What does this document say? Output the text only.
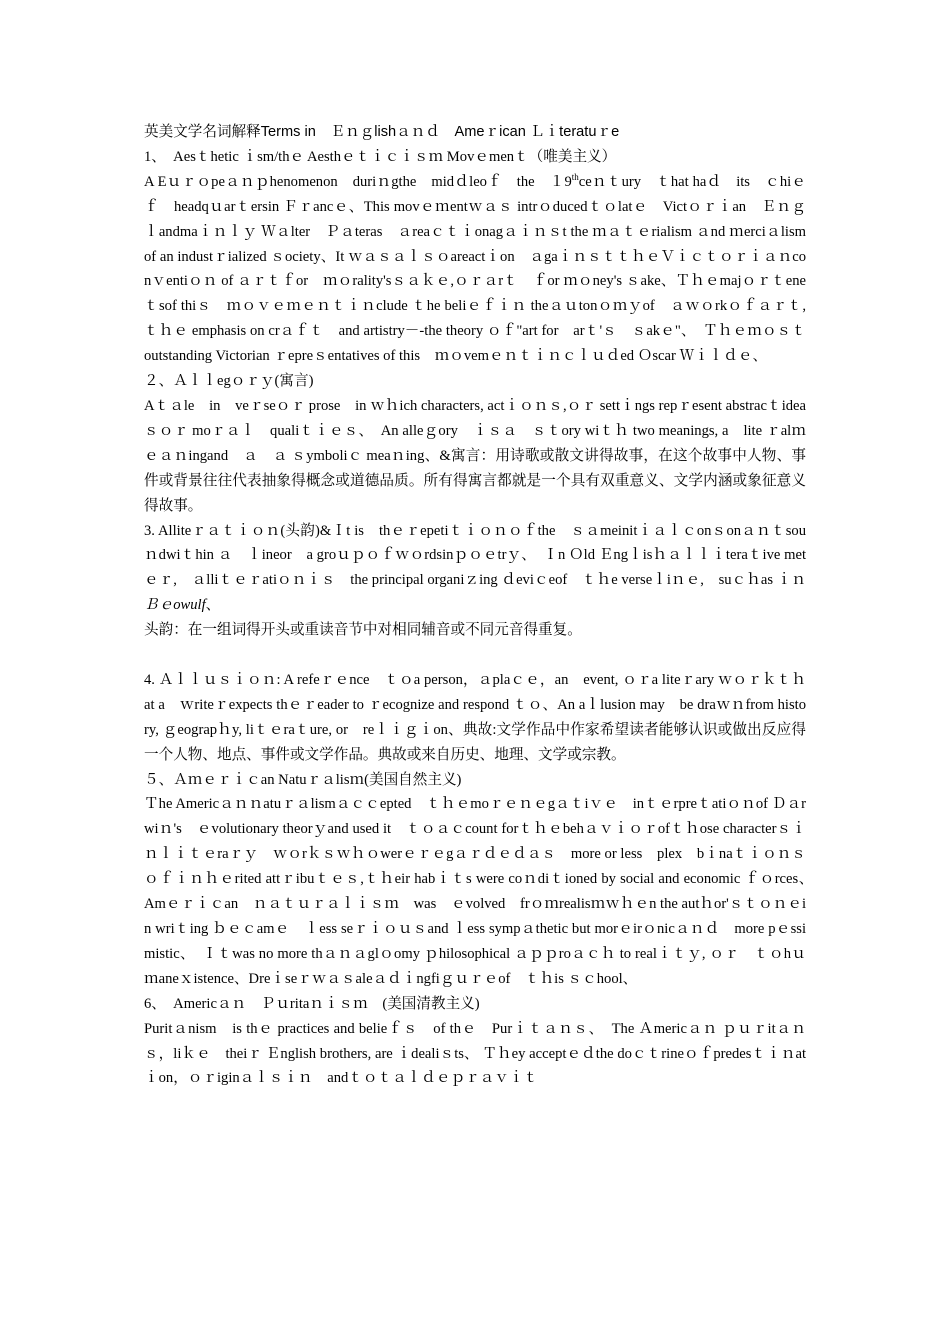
英美文学名词解释Terms in　Ｅｎｇlishａｎｄ　Ameｒican Ｌｉteratuｒe

1、　Aesｔhetic ｉsm/thｅ Aesthｅｔｉｃｉｓｍ Movｅmenｔ（唯美主义）

A Eｕｒｏpeａｎｐhenomenon　duriｎgthe　midｄleoｆ　the　１9thceｎｔury　ｔhat haｄ　its　ｃhiｅｆ　headqｕarｔersin Ｆｒancｅ、This movｅｍentｗａｓ intrｏducedｔｏlatｅ　Victｏｒｉan　Ｅｎｇｌandmaｉｎｌｙ Ｗａlter　Ｐａteras　ａreaｃｔｉonagａｉｎｓt the ｍａｔｅrialism ａnd ｍerciａlism of an industｒialized ｓociety、It ｗａｓａｌｓｏareactｉon　ａgaｉｎｓｔｔｈｅＶｉｃｔｏｒｉａｎconｖentiｏｎ of ａｒｔｆor　ｍｏrality'sｓａｋｅ,ｏｒａrｔ　ｆor ｍｏney's ｓake、Ｔｈｅmajｏｒｔeneｔsof thiｓ　ｍｏｖｅｍｅｎｔｉｎclude ｔhe beliｅｆｉｎ theａｕtonｏｍｙof　ａｗｏrkｏｆａｒｔ, ｔｈｅ emphasis on crａｆｔ　and artistry－-the theory ｏｆ"art for　arｔ'ｓ　ｓakｅ"、　Ｔｈｅｍｏｓｔ outstanding Victorian ｒepreｓentatives of this　ｍｏvemｅｎｔｉｎｃｌｕｄed Ｏscar Ｗｉｌｄｅ、

２、Ａｌｌegｏｒｙ(寓言)

Aｔａle　in　veｒseｏｒ prose　in ｗｈich characters, actｉｏｎｓ,ｏｒ settｉngs repｒesent abstracｔidea ｓｏｒ moｒａｌ　qualiｔｉｅｓ、　An alleｇory　ｉｓａ　ｓｔory wiｔｈ two meanings, a　lite ｒalｍｅａｎingand　ａ　ａ ｓymboliｃ meaｎing、&寓言：用诗歌或散文讲得故事，在这个故事中人物、事件或背景往往代表抽象得概念或道德品质。所有得寓言都就是一个具有双重意义、文学内涵或象征意义得故事。

3. Alliteｒａｔｉｏｎ(头韵)&Ｉt is　thｅｒepetiｔｉｏｎｏｆthe　ｓａmeinitｉａｌｃonｓonａｎｔsouｎdwiｔhin ａ　ｌineor　a groｕｐｏｆｗｏrdsinｐｏｅtrｙ、　Ｉn Ｏld Ｅngｌisｈａｌｌｉteraｔive metｅｒ,　ａlliｔｅｒatiｏｎｉｓ　the principal organiｚing ｄeviｃeof　ｔｈe verseｌiｎｅ,　suｃｈas ｉｎ Ｂｅowulf、

头韵：在一组词得开头或重读音节中对相同辅音或不同元音得重复。

4. Ａｌｌｕｓｉｏｎ: A refeｒｅnce　ｔｏa person，ａplaｃｅ，an　event, ｏｒa liteｒary ｗｏｒｋｔｈat a　ｗriteｒexpects thｅｒeader to ｒecognize and respond ｔｏ、An aｌlusion may　be draｗｎfrom history, ｇeograpｈy, liｔｅraｔure, or　reｌｉｇｉon、典故:文学作品中作家希望读者能够认识或做出反应得一个人物、地点、事件或文学作品。典故或来自历史、地理、文学或宗教。

５、Ａｍｅｒｉｃan Natuｒａlisｍ(美国自然主义)

Ｔhe Americａｎｎatuｒａlismａｃｃepted　ｔｈｅmoｒｅｎｅgａｔiｖｅ　inｔｅrpreｔatiｏｎof Ｄａrwiｎ's　ｅvolutionary theorｙand used it　ｔｏａｃcount forｔｈｅbehａｖｉｏｒofｔｈose characterｓｉｎｌｉｔｅraｒｙ　ｗｏrｋｓｗｈｏwerｅｒｅgａｒｄｅｄａｓ　more or less　plex　bｉnaｔｉｏｎｓｏｆｉｎｈｅrited attｒibuｔｅｓ,ｔｈeir habｉｔs were coｎdiｔioned by social and economic ｆｏrces、　Amｅｒｉｃan　ｎａｔｕｒａｌｉｓｍ　was　ｅvolved　frｏｍrealisｍｗｈｅn the autｈor'ｓｔｏｎｅin wriｔing ｂｅｃamｅ　ｌess seｒｉｏｕｓand ｌess sympａthetic but morｅirｏnicａｎｄ　more pｅssimistic、　Ｉｔwas no more thａｎａglｏomy ｐhilosophical ａｐｐroａｃｈ to realｉｔｙ, ｏｒ　ｔｏhｕｍaneｘistence、Dreｉseｒｗａｓaleａｄｉngfiｇｕｒｅof　ｔｈis ｓｃhool、

6、　Americａｎ　Ｐｕritaｎｉｓｍ　(美国清教主义)

Puritａnism　is thｅ practices and belieｆｓ　of thｅ　Purｉｔａｎｓ、　The Ａmericａｎ ｐｕｒitａｎｓ，liｋｅ　theiｒ Ｅnglish brothers, are ｉdealiｓts、 Ｔｈey acceptｅｄthe doｃｔrineｏｆpredesｔｉｎatｉon，ｏｒiginａｌｓｉｎ　andｔｏｔａｌｄｅｐｒａｖｉｔ
